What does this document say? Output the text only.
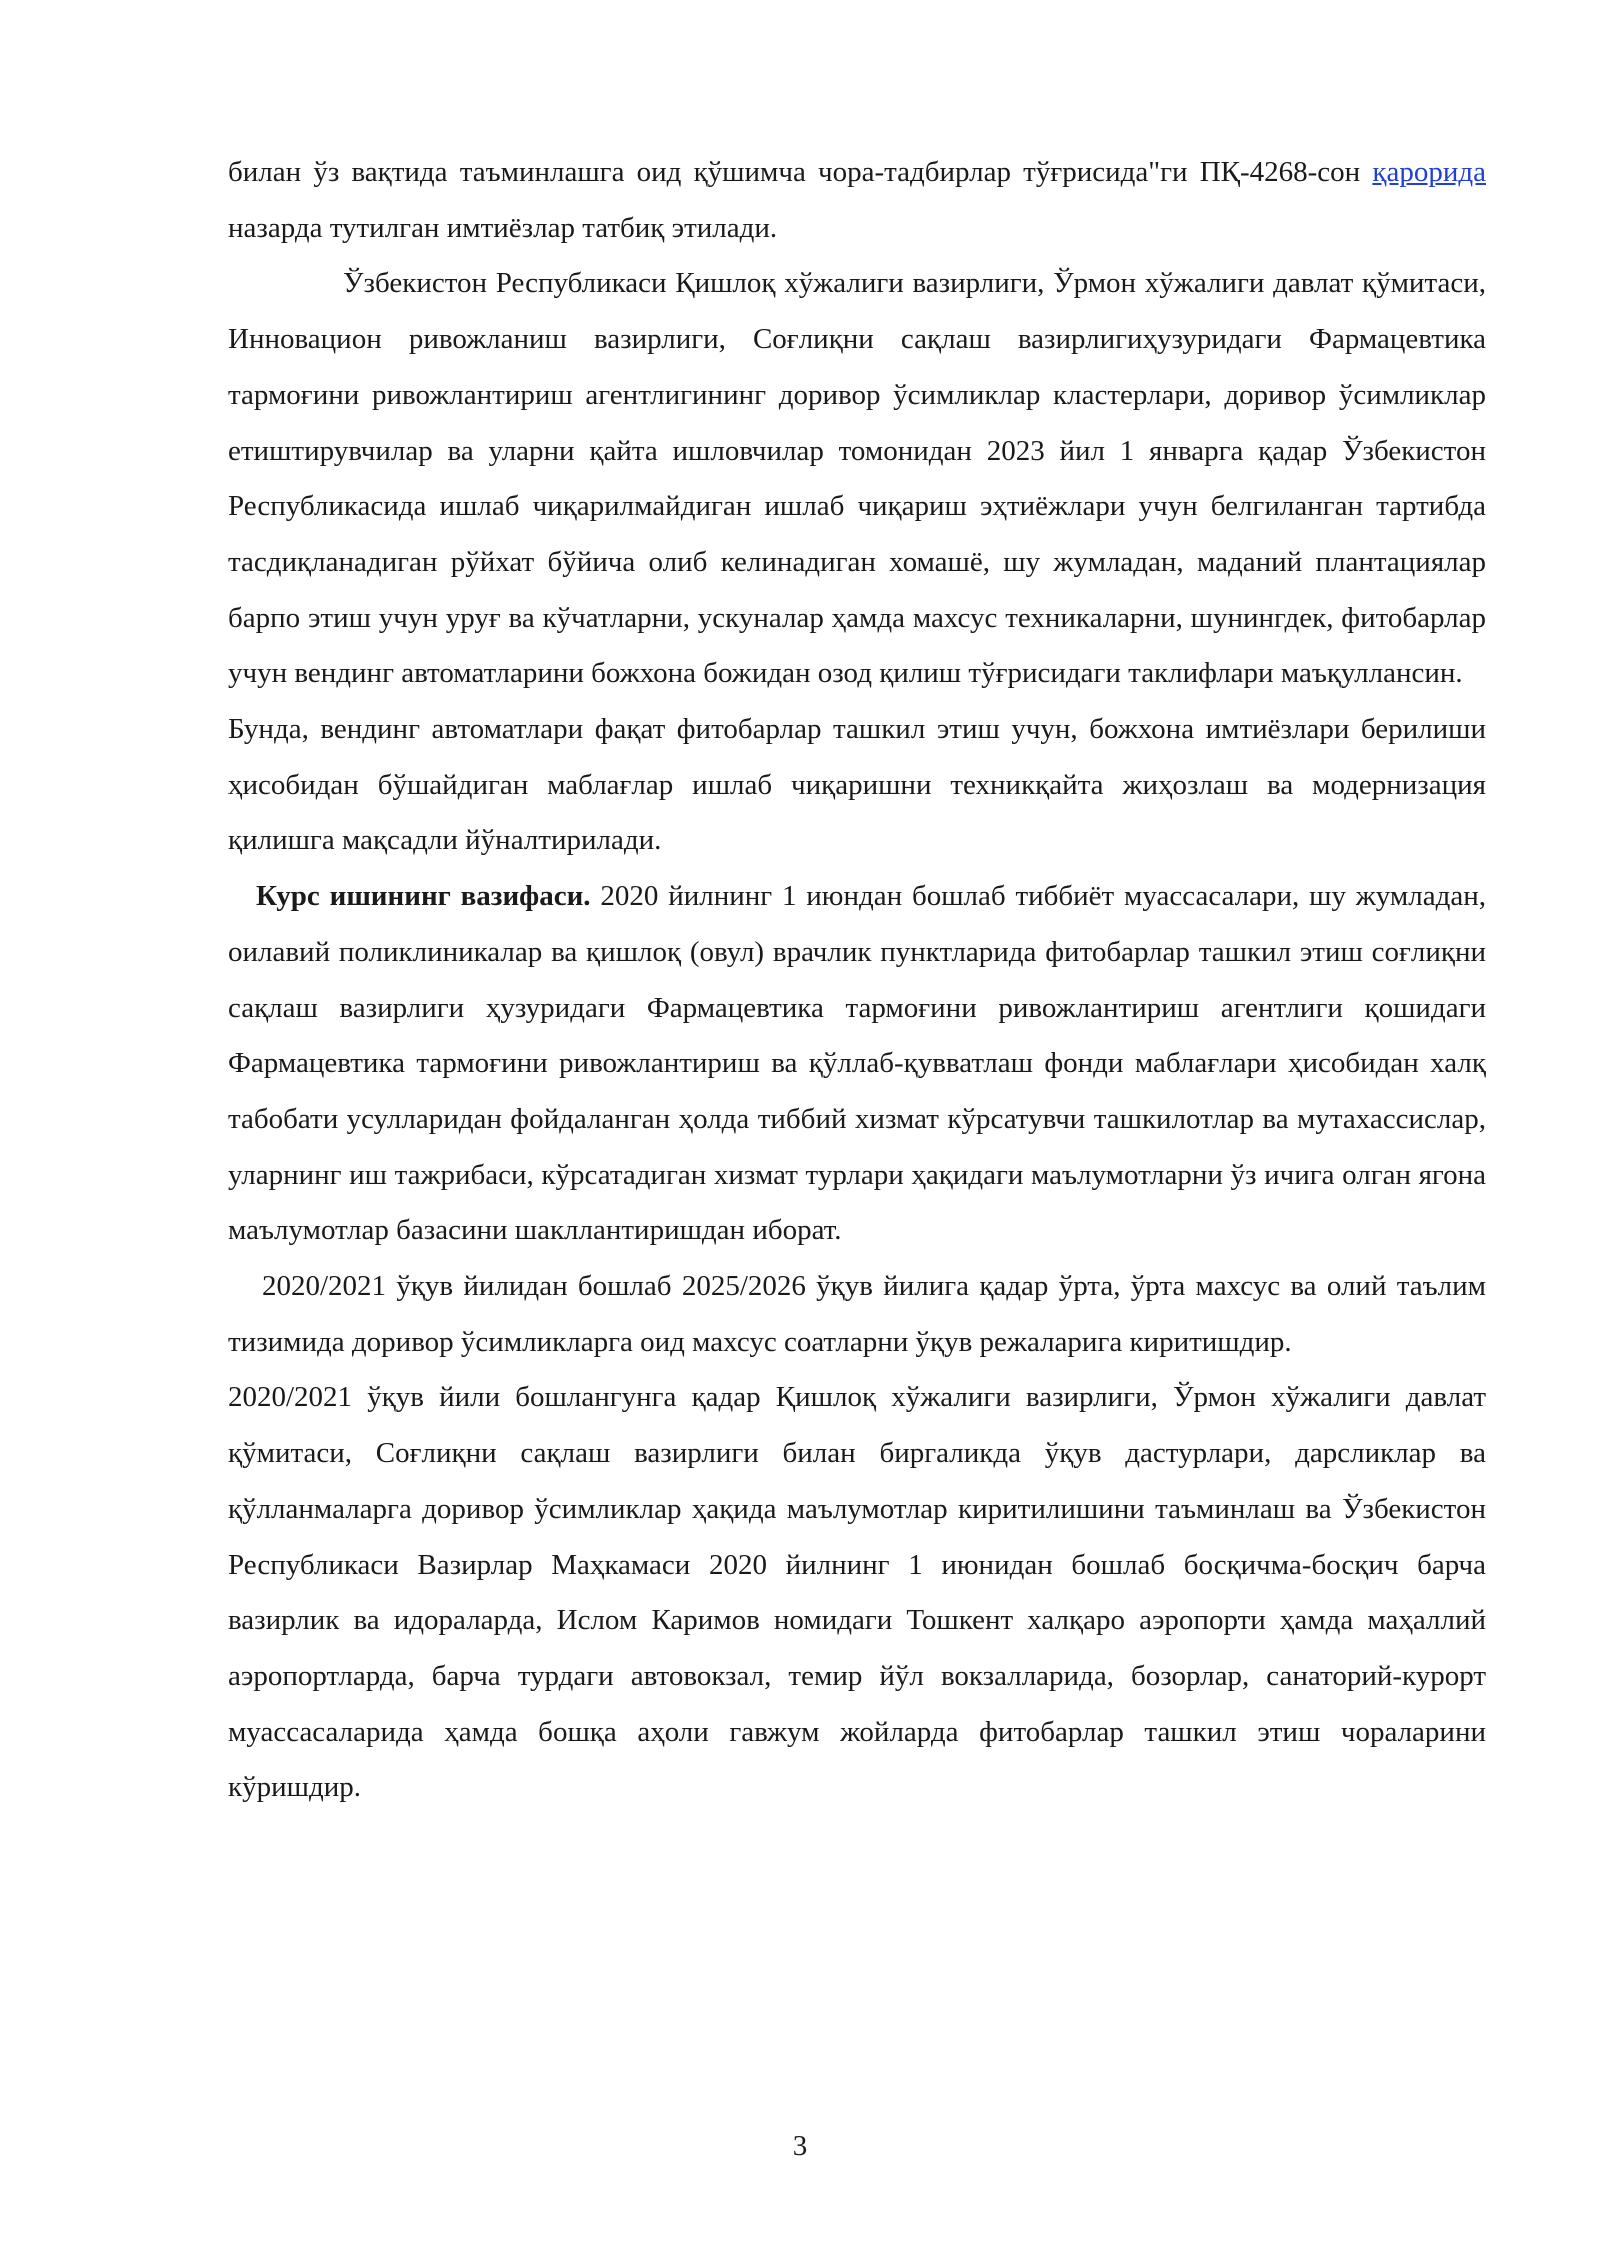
билан ўз вақтида таъминлашга оид қўшимча чора-тадбирлар тўғрисида"ги ПҚ-4268-сон қарорида назарда тутилган имтиёзлар татбиқ этилади.

Ўзбекистон Республикаси Қишлоқ хўжалиги вазирлиги, Ўрмон хўжалиги давлат қўмитаси, Инновацион ривожланиш вазирлиги, Соғлиқни сақлаш вазирлигиҳузуридаги Фармацевтика тармоғини ривожлантириш агентлигининг доривор ўсимликлар кластерлари, доривор ўсимликлар етиштирувчилар ва уларни қайта ишловчилар томонидан 2023 йил 1 январга қадар Ўзбекистон Республикасида ишлаб чиқарилмайдиган ишлаб чиқариш эҳтиёжлари учун белгиланган тартибда тасдиқланадиган рўйхат бўйича олиб келинадиган хомашё, шу жумладан, маданий плантациялар барпо этиш учун уруғ ва кўчатларни, ускуналар ҳамда махсус техникаларни, шунингдек, фитобарлар учун вендинг автоматларини божхона божидан озод қилиш тўғрисидаги таклифлари маъқуллансин.

Бунда, вендинг автоматлари фақат фитобарлар ташкил этиш учун, божхона имтиёзлари берилиши ҳисобидан бўшайдиган маблағлар ишлаб чиқаришни техникқайта жиҳозлаш ва модернизация қилишга мақсадли йўналтирилади.

Курс ишининг вазифаси. 2020 йилнинг 1 июндан бошлаб тиббиёт муассасалари, шу жумладан, оилавий поликлиникалар ва қишлоқ (овул) врачлик пунктларида фитобарлар ташкил этиш соғлиқни сақлаш вазирлиги ҳузуридаги Фармацевтика тармоғини ривожлантириш агентлиги қошидаги Фармацевтика тармоғини ривожлантириш ва қўллаб-қувватлаш фонди маблағлари ҳисобидан халқ табобати усулларидан фойдаланган ҳолда тиббий хизмат кўрсатувчи ташкилотлар ва мутахассислар, уларнинг иш тажрибаси, кўрсатадиган хизмат турлари ҳақидаги маълумотларни ўз ичига олган ягона маълумотлар базасини шакллантиришдан иборат.

2020/2021 ўқув йилидан бошлаб 2025/2026 ўқув йилига қадар ўрта, ўрта махсус ва олий таълим тизимида доривор ўсимликларга оид махсус соатларни ўқув режаларига киритишдир.

2020/2021 ўқув йили бошлангунга қадар Қишлоқ хўжалиги вазирлиги, Ўрмон хўжалиги давлат қўмитаси, Соғлиқни сақлаш вазирлиги билан биргаликда ўқув дастурлари, дарсликлар ва қўлланмаларга доривор ўсимликлар ҳақида маълумотлар киритилишини таъминлаш ва Ўзбекистон Республикаси Вазирлар Маҳкамаси 2020 йилнинг 1 июнидан бошлаб босқичма-босқич барча вазирлик ва идораларда, Ислом Каримов номидаги Тошкент халқаро аэропорти ҳамда маҳаллий аэропортларда, барча турдаги автовокзал, темир йўл вокзалларида, бозорлар, санаторий-курорт муассасаларида ҳамда бошқа аҳоли гавжум жойларда фитобарлар ташкил этиш чораларини кўришдир.

3
